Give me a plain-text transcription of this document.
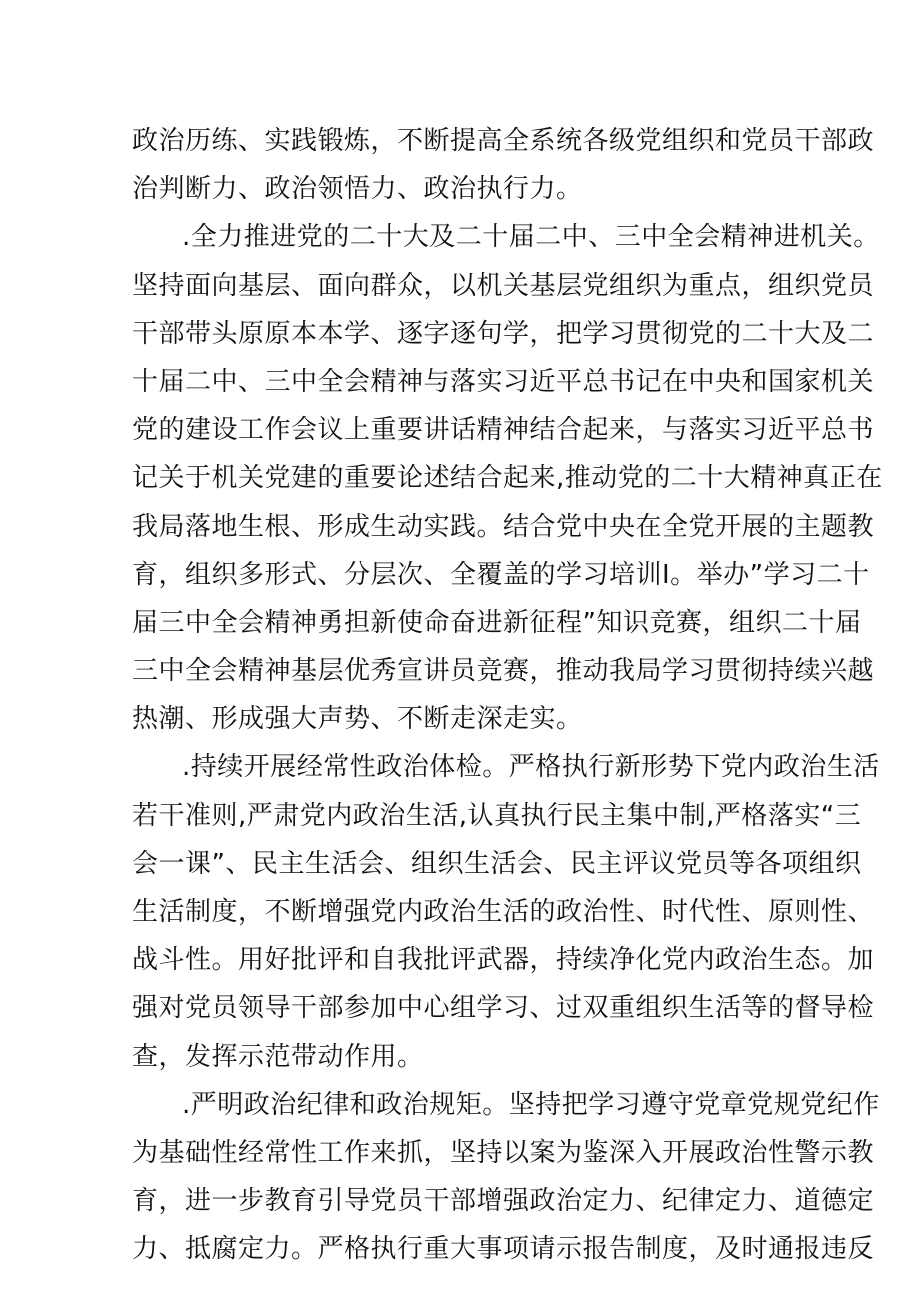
政治历练、实践锻炼，不断提高全系统各级党组织和党员干部政
治判断力、政治领悟力、政治执行力。
.全力推进党的二十大及二十届二中、三中全会精神进机关。
坚持面向基层、面向群众，以机关基层党组织为重点，组织党员
干部带头原原本本学、逐字逐句学，把学习贯彻党的二十大及二
十届二中、三中全会精神与落实习近平总书记在中央和国家机关
党的建设工作会议上重要讲话精神结合起来，与落实习近平总书
记关于机关党建的重要论述结合起来,推动党的二十大精神真正在
我局落地生根、形成生动实践。结合党中央在全党开展的主题教
育，组织多形式、分层次、全覆盖的学习培训I。举办”学习二十
届三中全会精神勇担新使命奋进新征程”知识竞赛，组织二十届
三中全会精神基层优秀宣讲员竞赛，推动我局学习贯彻持续兴越
热潮、形成强大声势、不断走深走实。
.持续开展经常性政治体检。严格执行新形势下党内政治生活
若干准则,严肃党内政治生活,认真执行民主集中制,严格落实“三
会一课”、民主生活会、组织生活会、民主评议党员等各项组织
生活制度，不断增强党内政治生活的政治性、时代性、原则性、
战斗性。用好批评和自我批评武器，持续净化党内政治生态。加
强对党员领导干部参加中心组学习、过双重组织生活等的督导检
查，发挥示范带动作用。
.严明政治纪律和政治规矩。坚持把学习遵守党章党规党纪作
为基础性经常性工作来抓，坚持以案为鉴深入开展政治性警示教
育，进一步教育引导党员干部增强政治定力、纪律定力、道德定
力、抵腐定力。严格执行重大事项请示报告制度，及时通报违反
